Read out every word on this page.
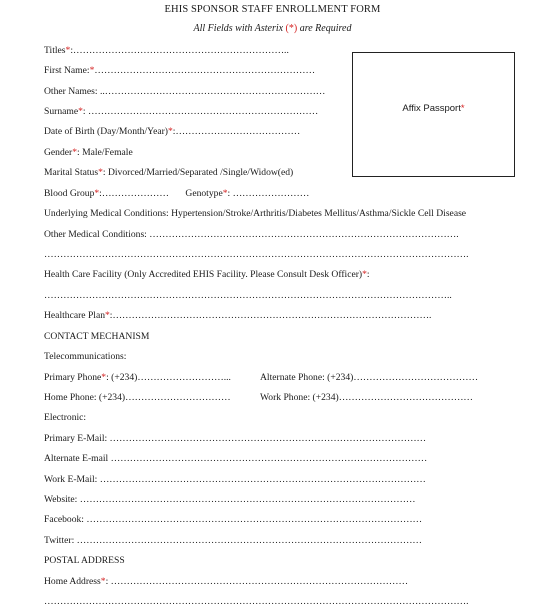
EHIS SPONSOR STAFF ENROLLMENT FORM
All Fields with Asterix (*) are Required
Affix Passport*
Titles*:…………………………………………………………..
First Name:*……………………………………………………………
Other Names: ..……………………………………………………………
Surname*: ………………………………………………………………
Date of Birth (Day/Month/Year)*:…………………………………
Gender*: Male/Female
Marital Status*: Divorced/Married/Separated /Single/Widow(ed)
Blood Group*:………………… Genotype*: ……………………
Underlying Medical Conditions: Hypertension/Stroke/Arthritis/Diabetes Mellitus/Asthma/Sickle Cell Disease
Other Medical Conditions: …………………………………………………………………………………….
…………………………………………………………………………………………………………………….
Health Care Facility (Only Accredited EHIS Facility. Please Consult Desk Officer)*:
………………………………………………………………………………………………………………..
Healthcare Plan*:……………………………………………………………………………………….
CONTACT MECHANISM
Telecommunications:
Primary Phone*: (+234)………………………...	Alternate Phone: (+234)…………………………………
Home Phone: (+234)……………………………	Work Phone: (+234)……………………………………
Electronic:
Primary E-Mail: ………………………………………………………………………………………
Alternate E-mail ………………………………………………………………………………………
Work E-Mail: …………………………………………………………………………………………
Website: ……………………………………………………………………………………………
Facebook: ……………………………………………………………………………………………
Twitter: ………………………………………………………………………………………………
POSTAL ADDRESS
Home Address*: …………………………………………………………………………………
…………………………………………………………………………………………………………………….
